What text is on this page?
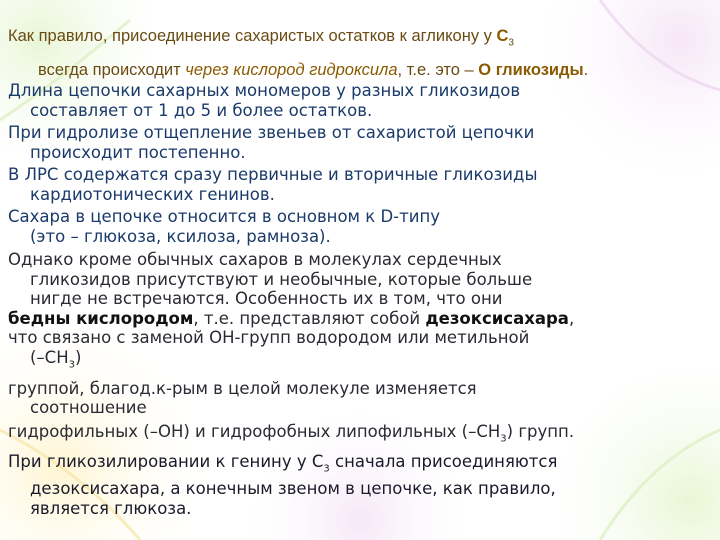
Как правило, присоединение сахаристых остатков к агликону у $С_3$
всегда происходит через кислород гидроксила, т.е. это – О гликозиды.

Длина цепочки сахарных мономеров у разных гликозидов
составляет от 1 до 5 и более остатков.

При гидролизе отщепление звеньев от сахаристой цепочки
происходит постепенно.

В ЛРС содержатся сразу первичные и вторичные гликозиды
кардиотонических генинов.

Сахара в цепочке относится в основном к D-типу
(это – глюкоза, ксилоза, рамноза).

Однако кроме обычных сахаров в молекулах сердечных
гликозидов присутствуют и необычные, которые больше
нигде не встречаются. Особенность их в том, что они
бедны кислородом, т.е. представляют собой дезоксисахара,
что связано с заменой ОН-групп водородом или метильной
$(-СН_3)$
группой, благод.к-рым в целой молекуле изменяется
соотношение
гидрофильных (–ОН) и гидрофобных липофильных $(-СН_3)$ групп.

При гликозилировании к генину у $С_3$ сначала присоединяются
дезоксисахара, а конечным звеном в цепочке, как правило,
является глюкоза.
